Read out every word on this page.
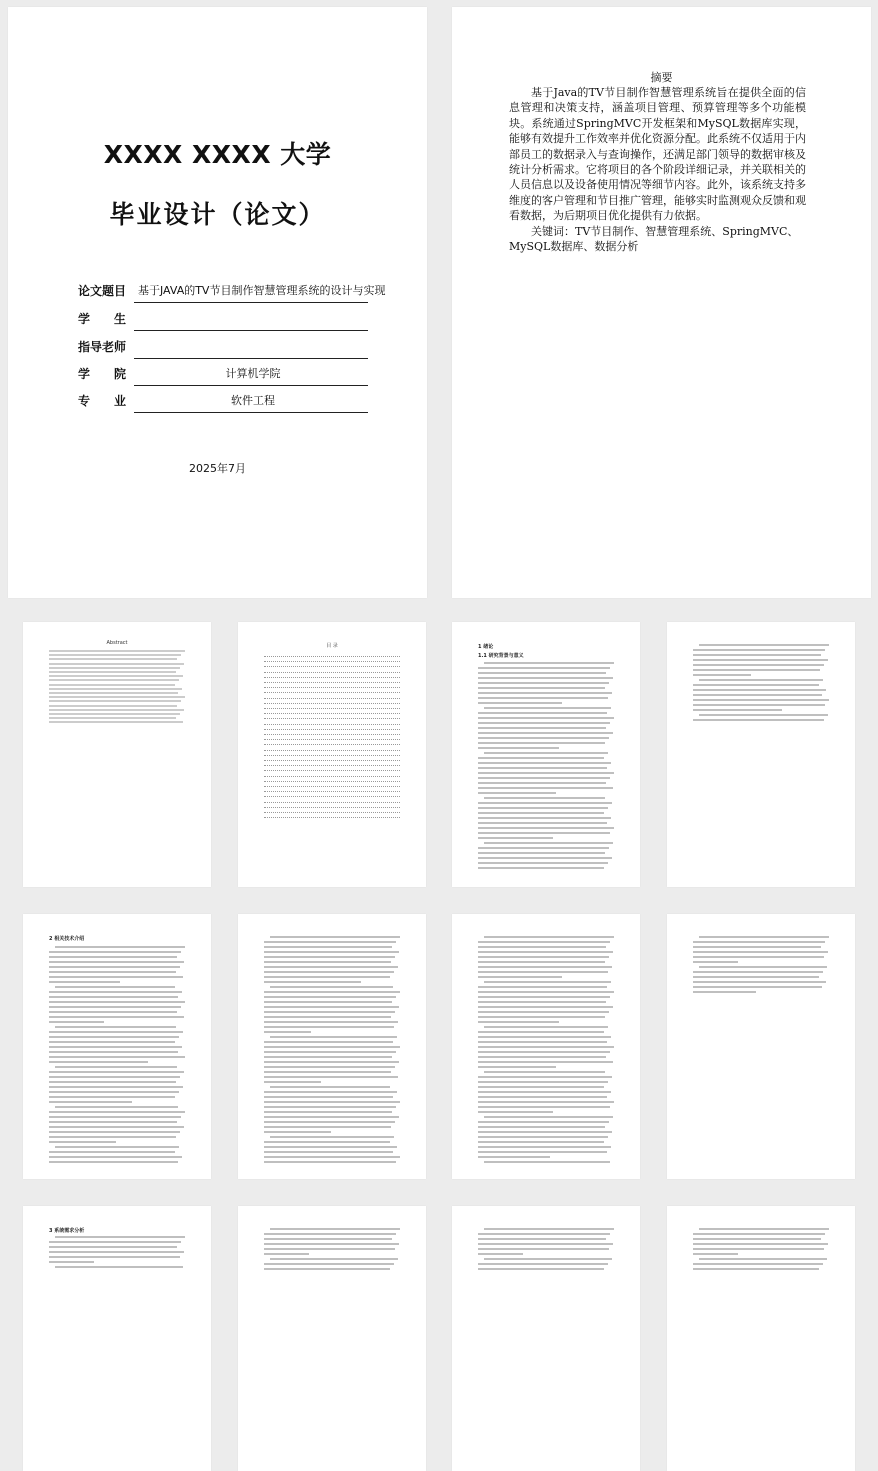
XXXX XXXX 大学
毕业设计（论文）
论文题目 基于JAVA的TV节目制作智慧管理系统的设计与实现
学　　生
指导老师
学　　院	计算机学院
专　　业	软件工程
2025年7月
摘要
基于Java的TV节目制作智慧管理系统旨在提供全面的信息管理和决策支持，涵盖项目管理、预算管理等多个功能模块。系统通过SpringMVC开发框架和MySQL数据库实现，能够有效提升工作效率并优化资源分配。此系统不仅适用于内部员工的数据录入与查询操作，还满足部门领导的数据审核及统计分析需求。它将项目的各个阶段详细记录，并关联相关的人员信息以及设备使用情况等细节内容。此外，该系统支持多维度的客户管理和节目推广管理，能够实时监测观众反馈和观看数据，为后期项目优化提供有力依据。
关键词：TV节目制作、智慧管理系统、SpringMVC、MySQL数据库、数据分析
Abstract	目 录	1 绪论
1.1 研究背景与意义
2 相关技术介绍
3 系统需求分析
